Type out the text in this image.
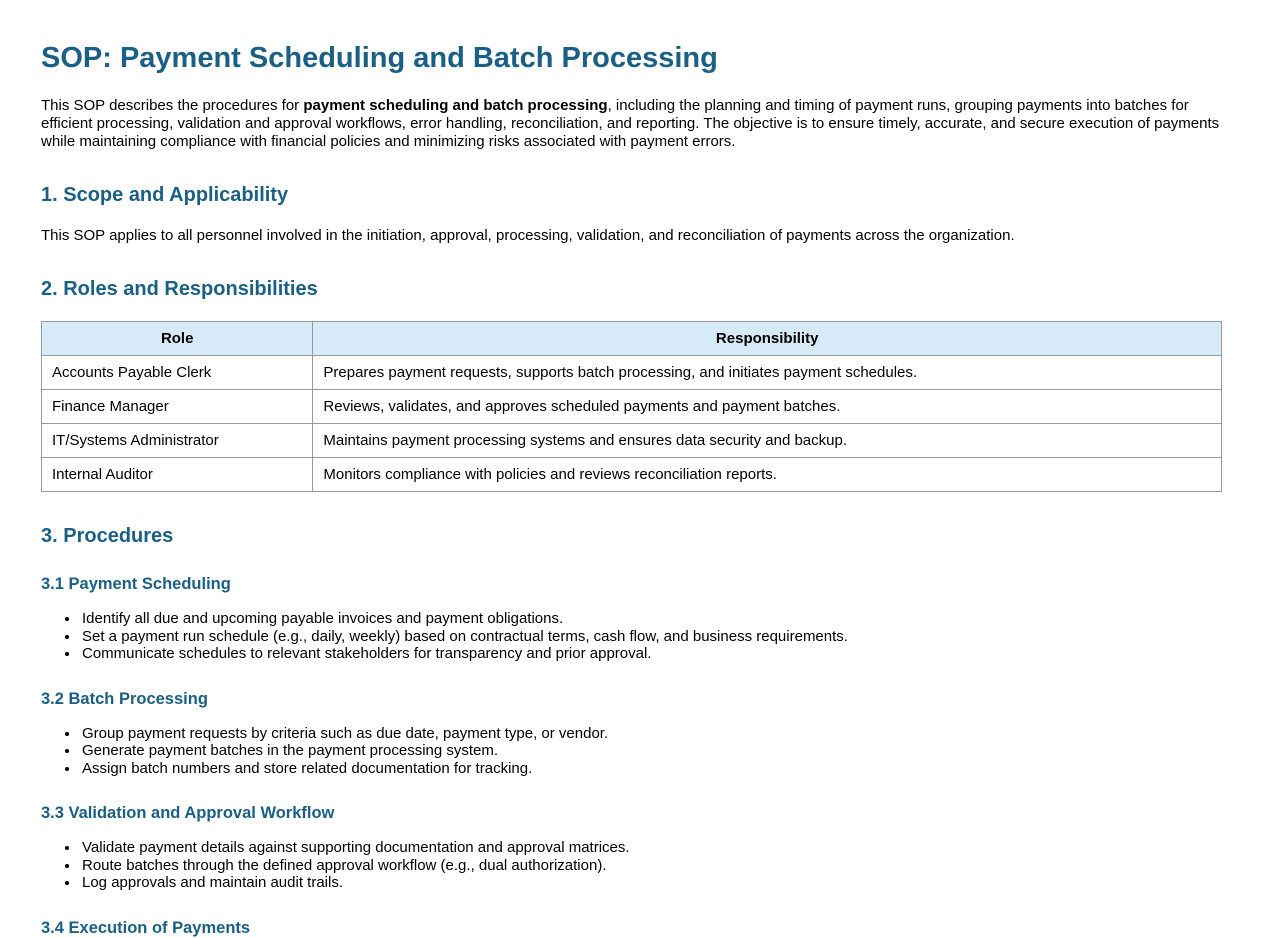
SOP: Payment Scheduling and Batch Processing

This SOP describes the procedures for payment scheduling and batch processing, including the planning and timing of payment runs, grouping payments into batches for efficient processing, validation and approval workflows, error handling, reconciliation, and reporting. The objective is to ensure timely, accurate, and secure execution of payments while maintaining compliance with financial policies and minimizing risks associated with payment errors.

1. Scope and Applicability

This SOP applies to all personnel involved in the initiation, approval, processing, validation, and reconciliation of payments across the organization.

2. Roles and Responsibilities
Role	Responsibility
Accounts Payable Clerk	Prepares payment requests, supports batch processing, and initiates payment schedules.
Finance Manager	Reviews, validates, and approves scheduled payments and payment batches.
IT/Systems Administrator	Maintains payment processing systems and ensures data security and backup.
Internal Auditor	Monitors compliance with policies and reviews reconciliation reports.
3. Procedures
3.1 Payment Scheduling
• Identify all due and upcoming payable invoices and payment obligations.
• Set a payment run schedule (e.g., daily, weekly) based on contractual terms, cash flow, and business requirements.
• Communicate schedules to relevant stakeholders for transparency and prior approval.
3.2 Batch Processing
• Group payment requests by criteria such as due date, payment type, or vendor.
• Generate payment batches in the payment processing system.
• Assign batch numbers and store related documentation for tracking.
3.3 Validation and Approval Workflow
• Validate payment details against supporting documentation and approval matrices.
• Route batches through the defined approval workflow (e.g., dual authorization).
• Log approvals and maintain audit trails.
3.4 Execution of Payments
